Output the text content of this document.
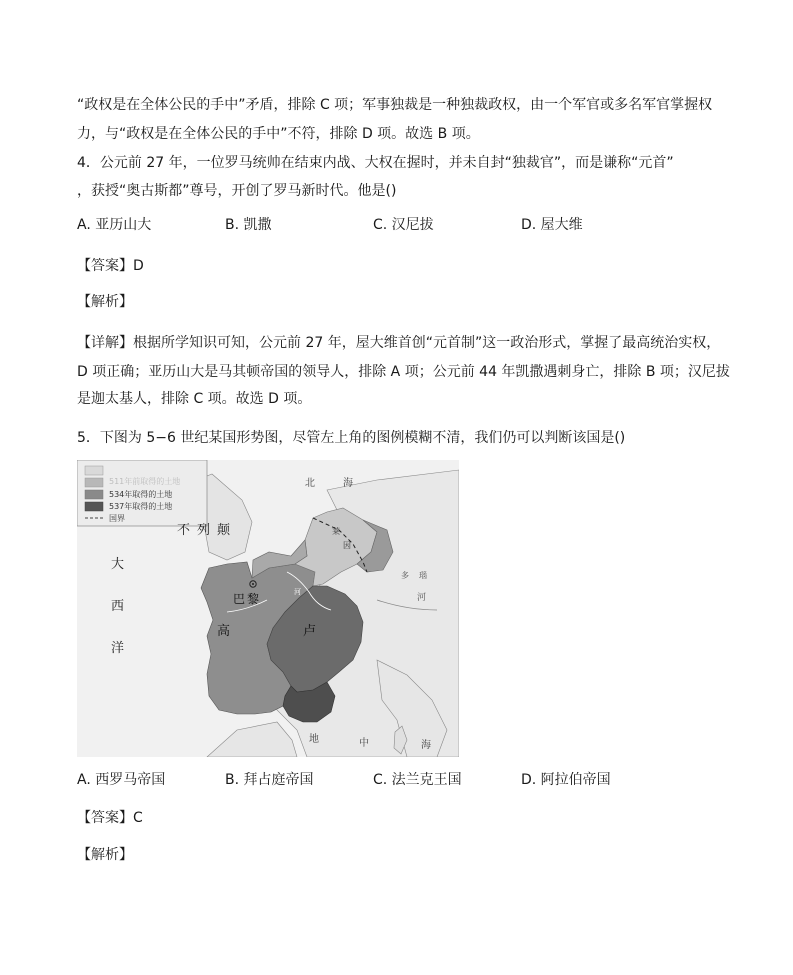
“政权是在全体公民的手中”矛盾，排除 C 项；军事独裁是一种独裁政权，由一个军官或多名军官掌握权
力，与“政权是在全体公民的手中”不符，排除 D 项。故选 B 项。
4．公元前 27 年，一位罗马统帅在结束内战、大权在握时，并未自封“独裁官”，而是谦称“元首”
，获授“奥古斯都”尊号，开创了罗马新时代。他是()
A. 亚历山大	B. 凯撒	C. 汉尼拔	D. 屋大维
【答案】D
【解析】
【详解】根据所学知识可知，公元前 27 年，屋大维首创“元首制”这一政治形式，掌握了最高统治实权，
D 项正确；亚历山大是马其顿帝国的领导人，排除 A 项；公元前 44 年凯撒遇刺身亡，排除 B 项；汉尼拔
是迦太基人，排除 C 项。故选 D 项。
5．下图为 5−6 世纪某国形势图，尽管左上角的图例模糊不清，我们仍可以判断该国是()
511年前取得的土地
534年取得的土地
537年取得的土地
国界
北	海
不 列 颠
大
西
洋
巴 黎
高	卢
河
河
莱
因
多 瑙
地	中	海
A. 西罗马帝国	B. 拜占庭帝国	C. 法兰克王国	D. 阿拉伯帝国
【答案】C
【解析】
